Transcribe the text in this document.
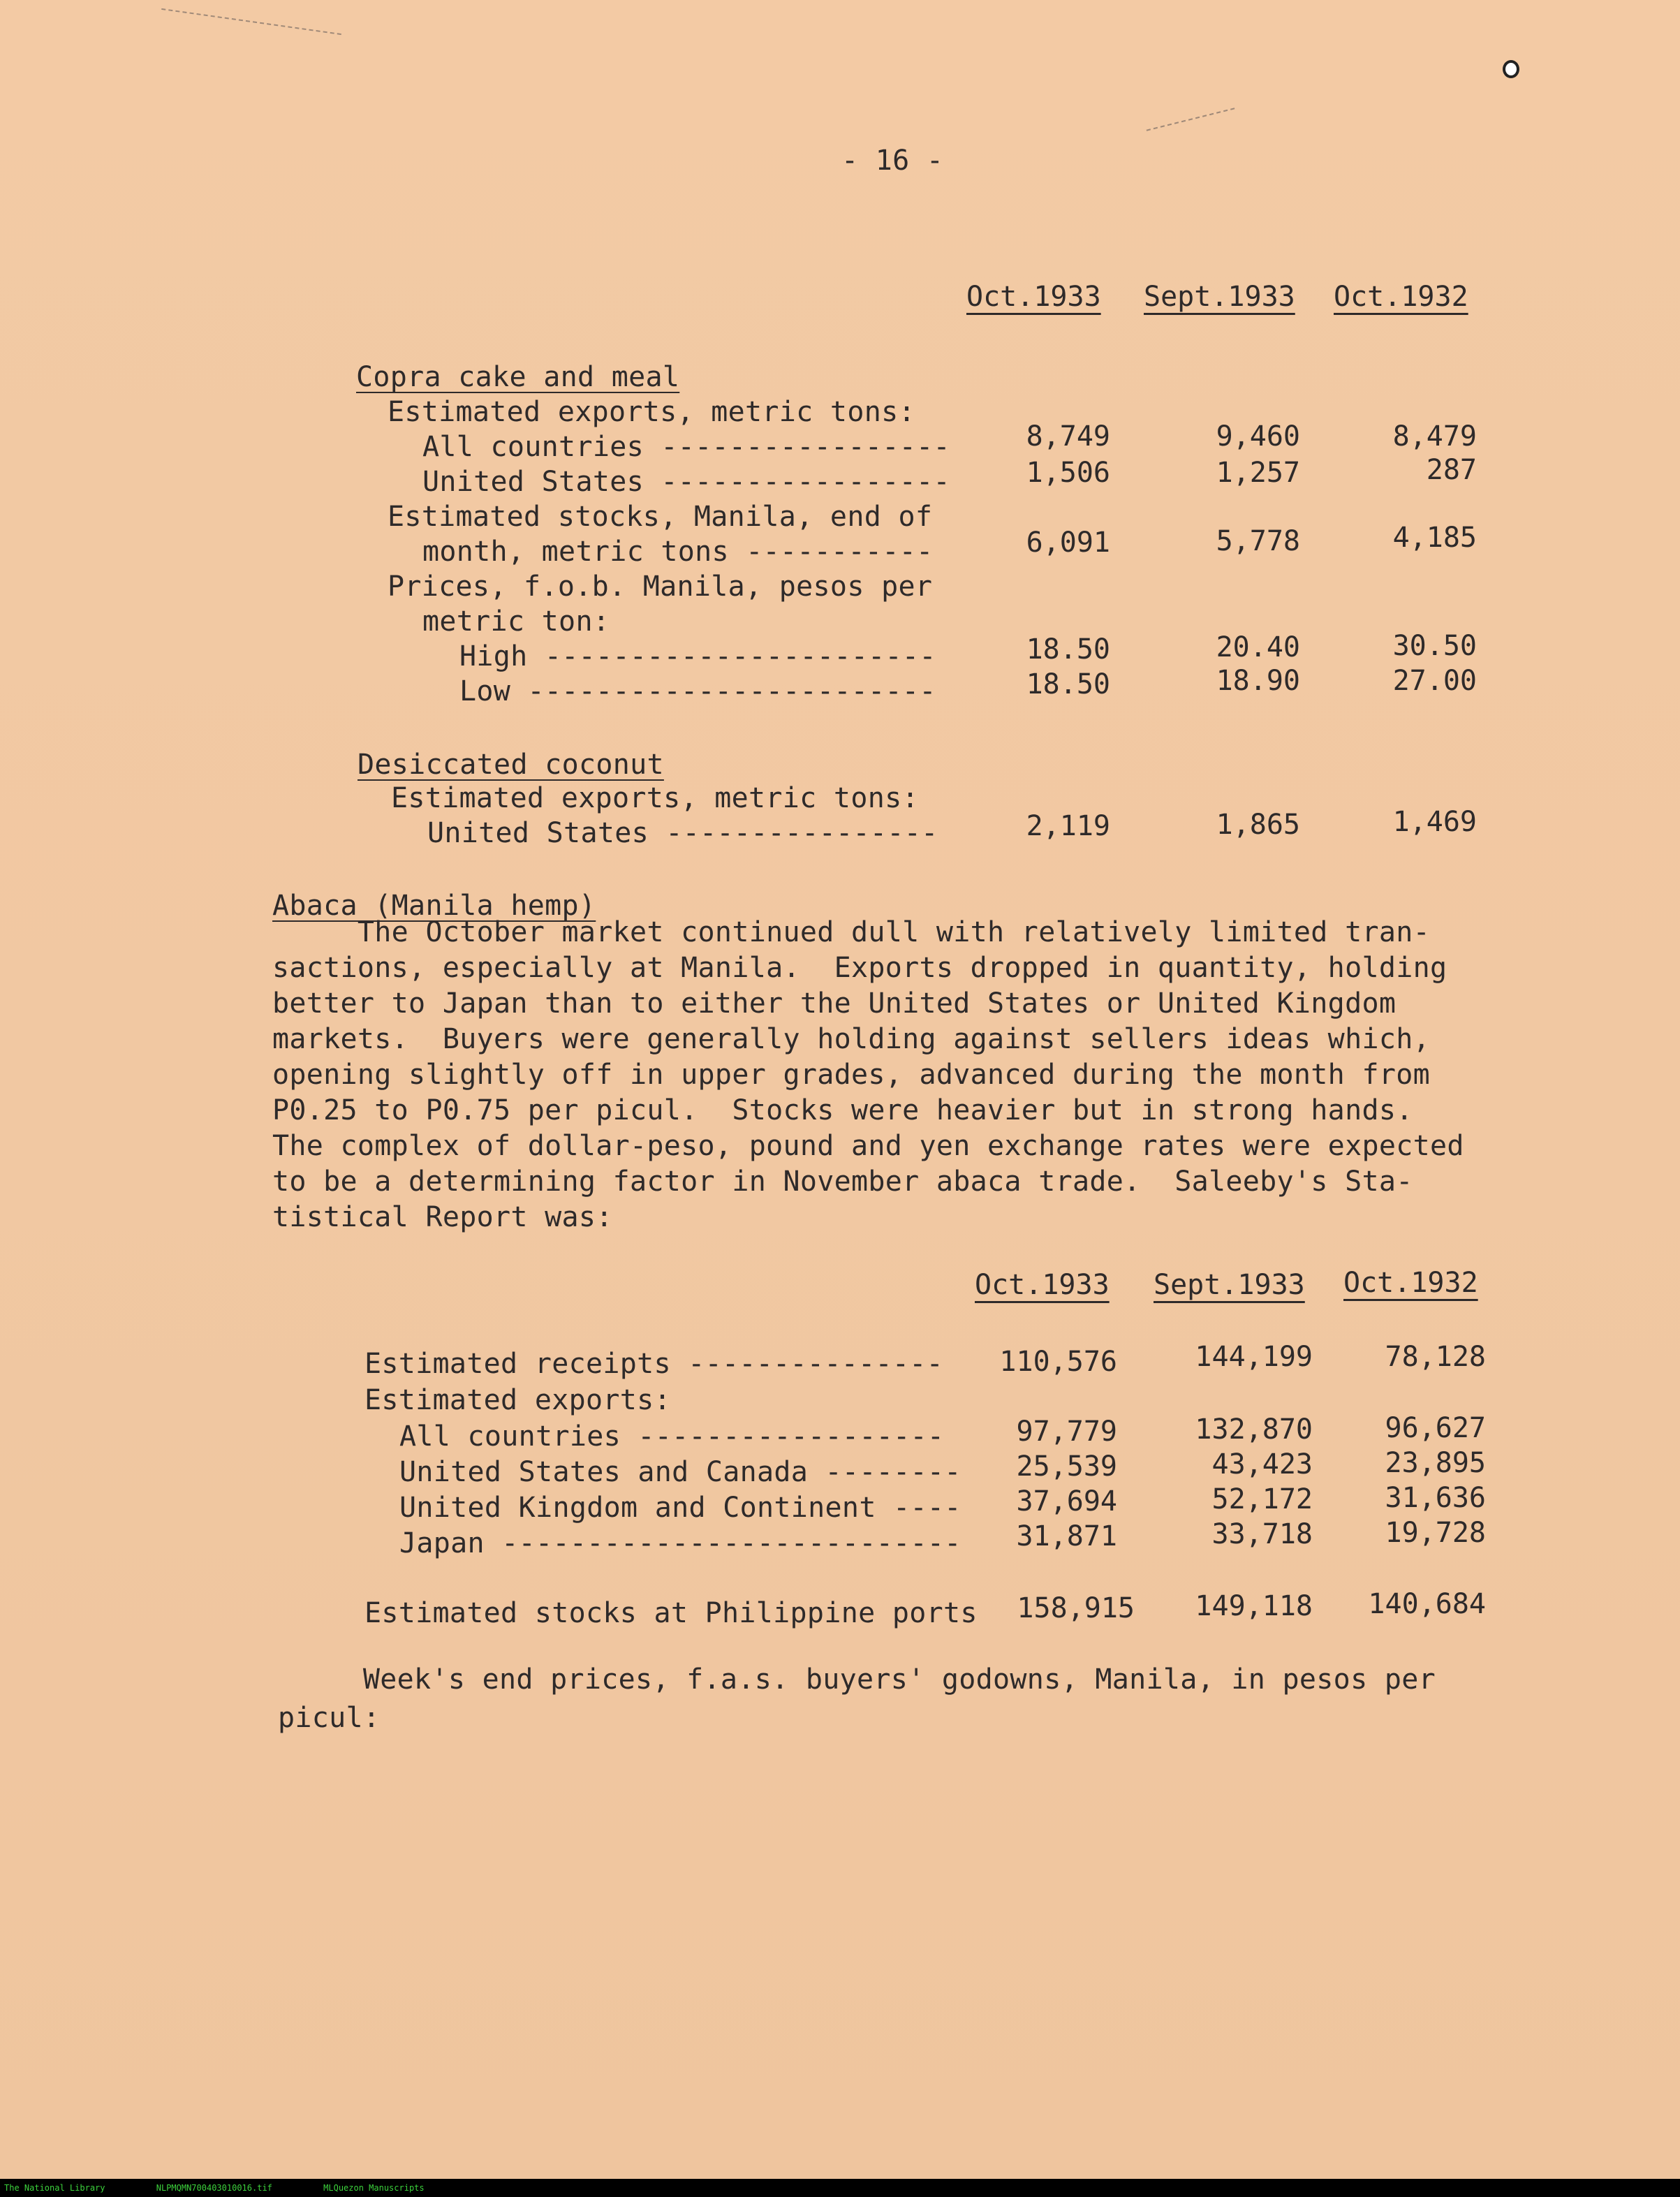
- 16 -
Oct.1933 Sept.1933 Oct.1932
Copra cake and meal
Estimated exports, metric tons:
All countries -----------------	8,749	9,460	8,479
United States -----------------	1,506	1,257	287
Estimated stocks, Manila, end of
month, metric tons -----------	6,091	5,778	4,185
Prices, f.o.b. Manila, pesos per
metric ton:
High -----------------------	18.50	20.40	30.50
Low ------------------------	18.50	18.90	27.00
Desiccated coconut
Estimated exports, metric tons:
United States ----------------	2,119	1,865	1,469
Abaca (Manila hemp)
The October market continued dull with relatively limited tran-
sactions, especially at Manila.  Exports dropped in quantity, holding
better to Japan than to either the United States or United Kingdom
markets.  Buyers were generally holding against sellers ideas which,
opening slightly off in upper grades, advanced during the month from
P0.25 to P0.75 per picul.  Stocks were heavier but in strong hands.
The complex of dollar-peso, pound and yen exchange rates were expected
to be a determining factor in November abaca trade.  Saleeby's Sta-
tistical Report was:
Oct.1933 Sept.1933 Oct.1932
Estimated receipts ---------------	110,576	144,199	78,128
Estimated exports:
All countries ------------------	97,779	132,870	96,627
United States and Canada --------	25,539	43,423	23,895
United Kingdom and Continent ----	37,694	52,172	31,636
Japan ---------------------------	31,871	33,718	19,728
Estimated stocks at Philippine ports	158,915	149,118	140,684
Week's end prices, f.a.s. buyers' godowns, Manila, in pesos per
picul:
The National Library	NLPMQMN700403010016.tif	MLQuezon Manuscripts
